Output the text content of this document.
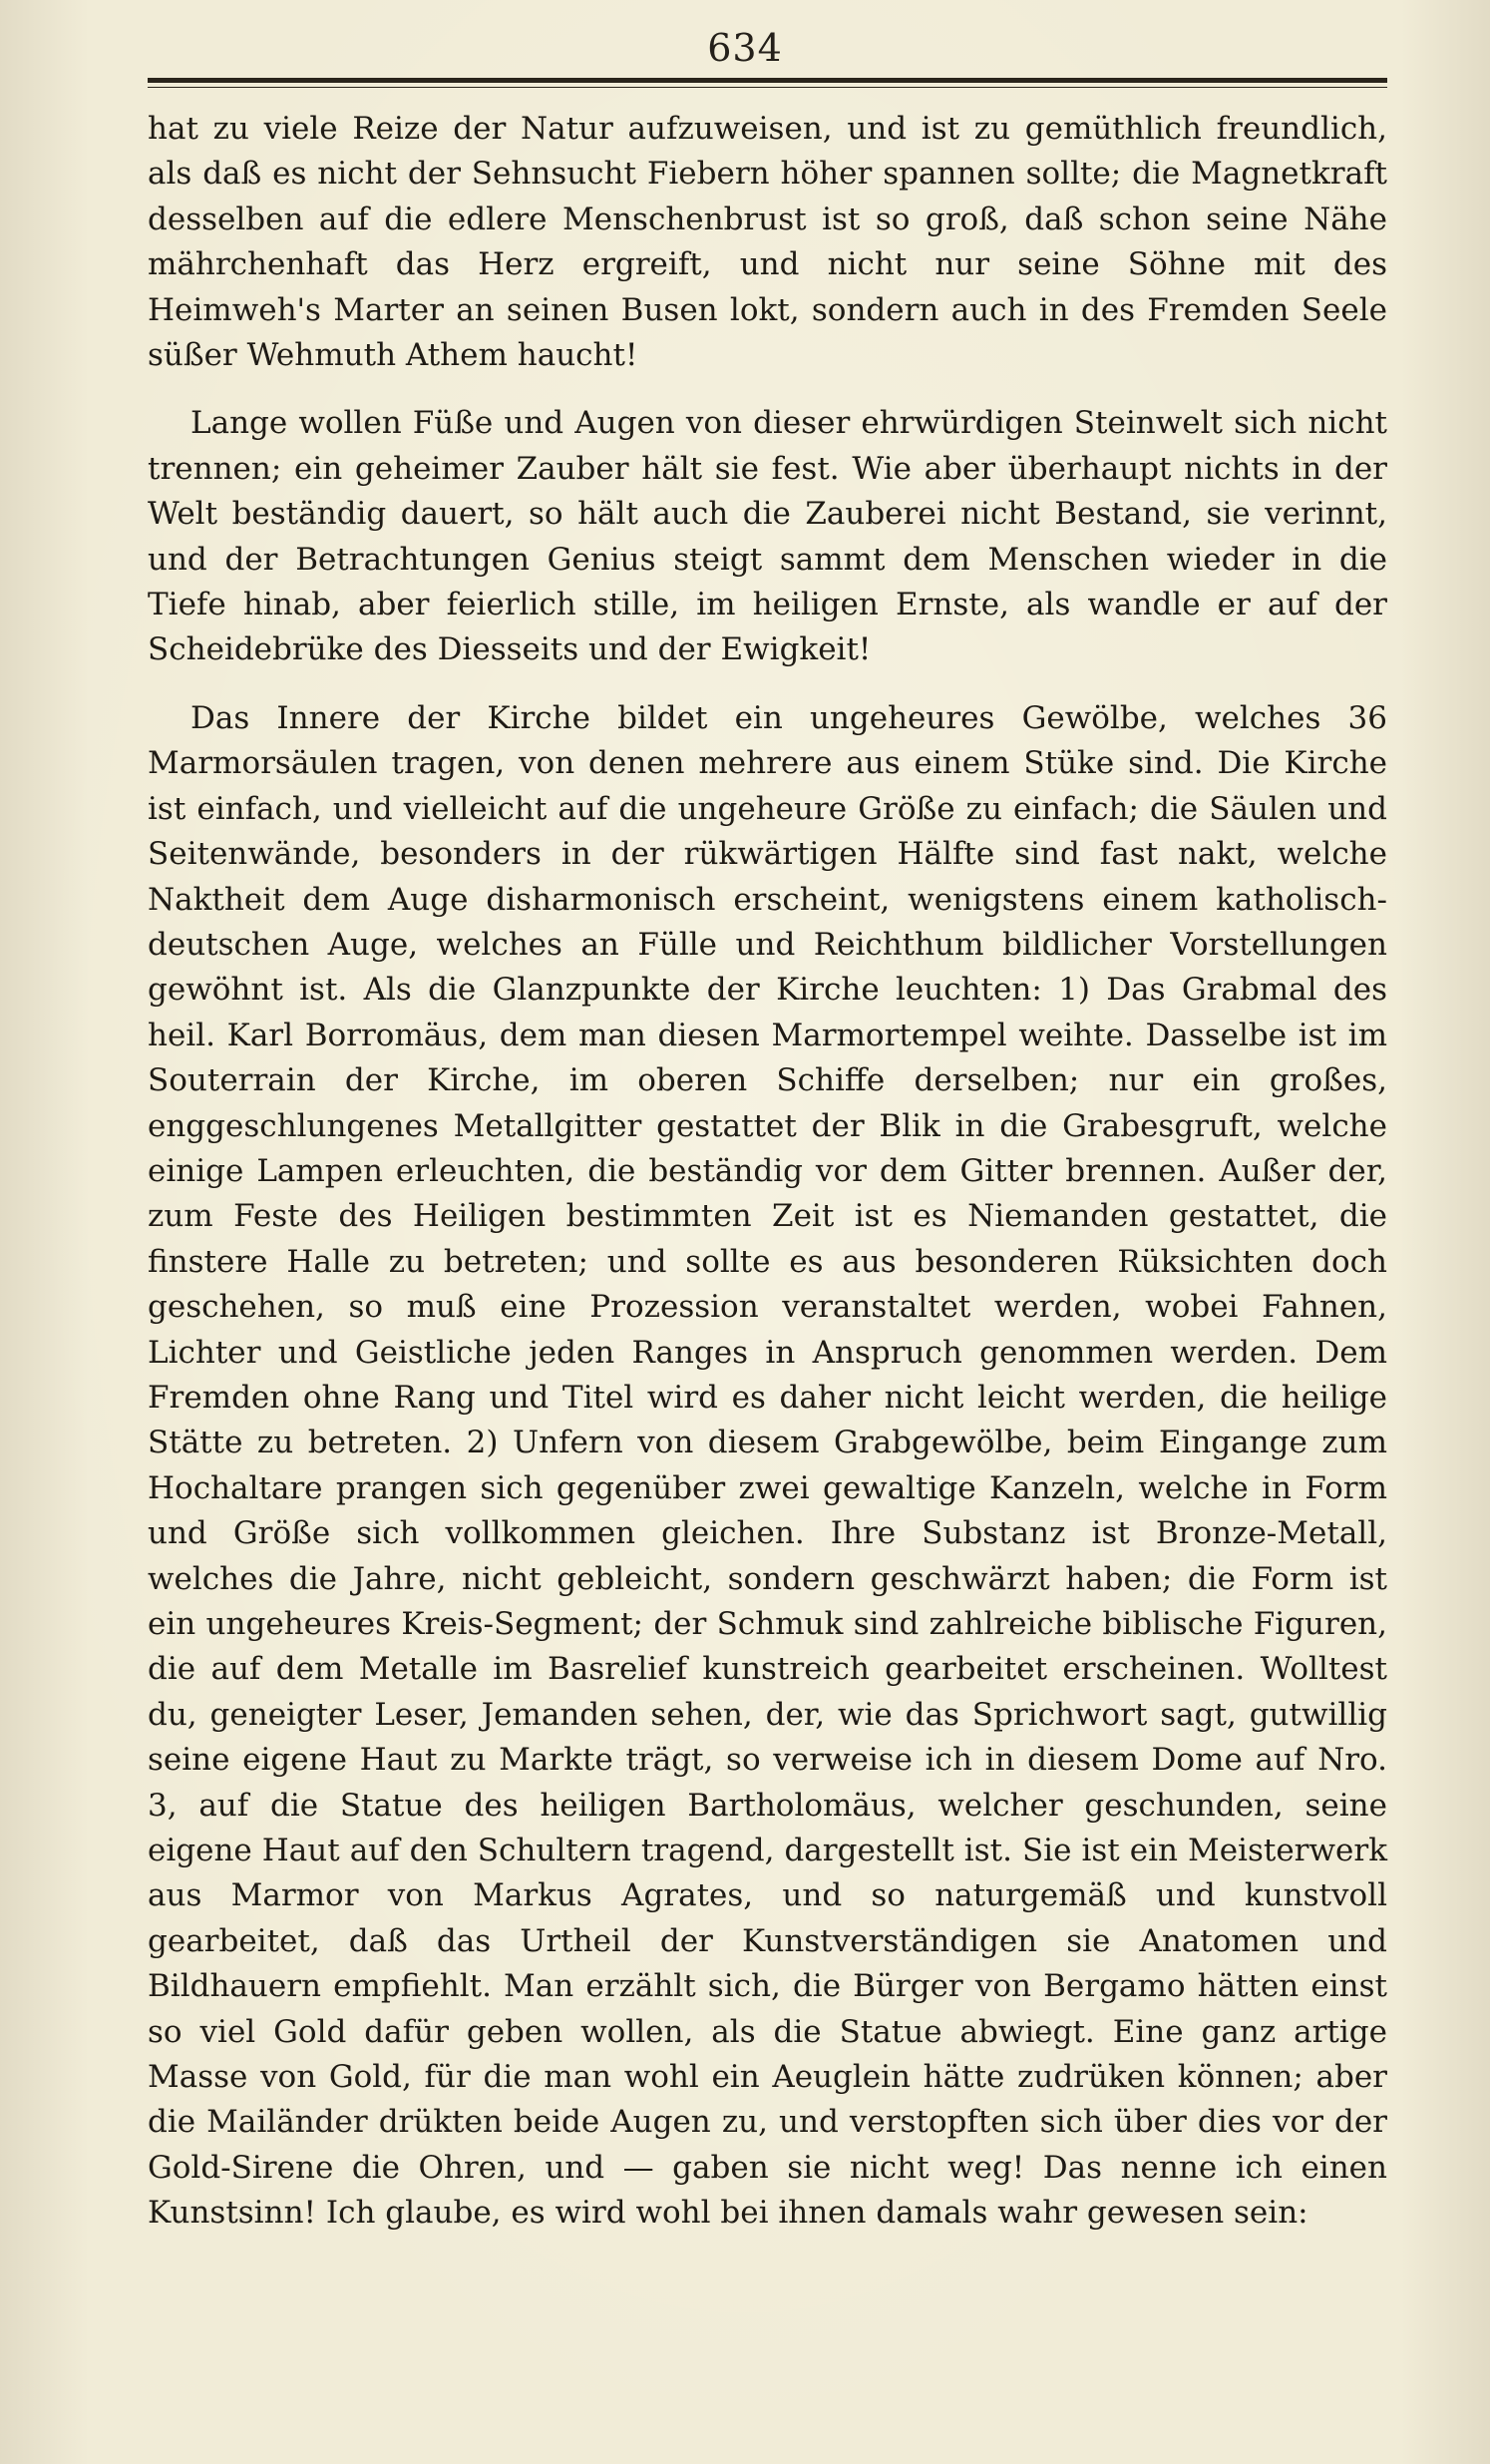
634

hat zu viele Reize der Natur aufzuweisen, und ist zu gemüthlich freundlich, als daß es nicht der Sehnsucht Fiebern höher spannen sollte; die Magnetkraft desselben auf die edlere Menschenbrust ist so groß, daß schon seine Nähe mährchenhaft das Herz ergreift, und nicht nur seine Söhne mit des Heimweh's Marter an seinen Busen lokt, sondern auch in des Fremden Seele süßer Wehmuth Athem haucht!

Lange wollen Füße und Augen von dieser ehrwürdigen Steinwelt sich nicht trennen; ein geheimer Zauber hält sie fest. Wie aber überhaupt nichts in der Welt beständig dauert, so hält auch die Zauberei nicht Bestand, sie verinnt, und der Betrachtungen Genius steigt sammt dem Menschen wieder in die Tiefe hinab, aber feierlich stille, im heiligen Ernste, als wandle er auf der Scheidebrüke des Diesseits und der Ewigkeit!

Das Innere der Kirche bildet ein ungeheures Gewölbe, welches 36 Marmorsäulen tragen, von denen mehrere aus einem Stüke sind. Die Kirche ist einfach, und vielleicht auf die ungeheure Größe zu einfach; die Säulen und Seitenwände, besonders in der rükwärtigen Hälfte sind fast nakt, welche Naktheit dem Auge disharmonisch erscheint, wenigstens einem katholisch-deutschen Auge, welches an Fülle und Reichthum bildlicher Vorstellungen gewöhnt ist. Als die Glanzpunkte der Kirche leuchten: 1) Das Grabmal des heil. Karl Borromäus, dem man diesen Marmortempel weihte. Dasselbe ist im Souterrain der Kirche, im oberen Schiffe derselben; nur ein großes, enggeschlungenes Metallgitter gestattet der Blik in die Grabesgruft, welche einige Lampen erleuchten, die beständig vor dem Gitter brennen. Außer der, zum Feste des Heiligen bestimmten Zeit ist es Niemanden gestattet, die finstere Halle zu betreten; und sollte es aus besonderen Rüksichten doch geschehen, so muß eine Prozession veranstaltet werden, wobei Fahnen, Lichter und Geistliche jeden Ranges in Anspruch genommen werden. Dem Fremden ohne Rang und Titel wird es daher nicht leicht werden, die heilige Stätte zu betreten. 2) Unfern von diesem Grabgewölbe, beim Eingange zum Hochaltare prangen sich gegenüber zwei gewaltige Kanzeln, welche in Form und Größe sich vollkommen gleichen. Ihre Substanz ist Bronze-Metall, welches die Jahre, nicht gebleicht, sondern geschwärzt haben; die Form ist ein ungeheures Kreis-Segment; der Schmuk sind zahlreiche biblische Figuren, die auf dem Metalle im Basrelief kunstreich gearbeitet erscheinen. Wolltest du, geneigter Leser, Jemanden sehen, der, wie das Sprichwort sagt, gutwillig seine eigene Haut zu Markte trägt, so verweise ich in diesem Dome auf Nro. 3, auf die Statue des heiligen Bartholomäus, welcher geschunden, seine eigene Haut auf den Schultern tragend, dargestellt ist. Sie ist ein Meisterwerk aus Marmor von Markus Agrates, und so naturgemäß und kunstvoll gearbeitet, daß das Urtheil der Kunstverständigen sie Anatomen und Bildhauern empfiehlt. Man erzählt sich, die Bürger von Bergamo hätten einst so viel Gold dafür geben wollen, als die Statue abwiegt. Eine ganz artige Masse von Gold, für die man wohl ein Aeuglein hätte zudrüken können; aber die Mailänder drükten beide Augen zu, und verstopften sich über dies vor der Gold-Sirene die Ohren, und — gaben sie nicht weg! Das nenne ich einen Kunstsinn! Ich glaube, es wird wohl bei ihnen damals wahr gewesen sein:
